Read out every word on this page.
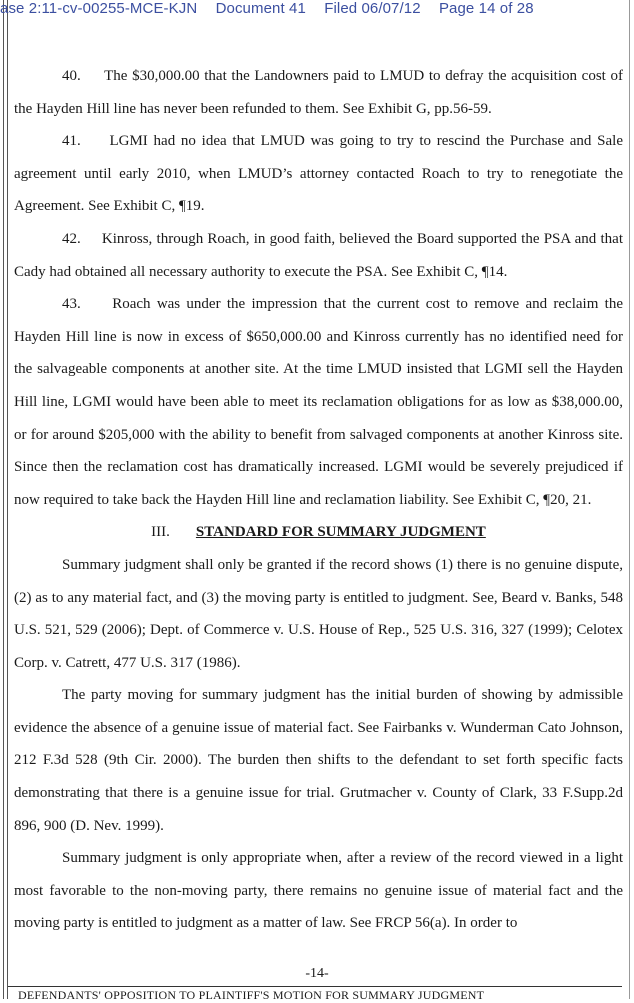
ase 2:11-cv-00255-MCE-KJN Document 41 Filed 06/07/12 Page 14 of 28

40.     The $30,000.00 that the Landowners paid to LMUD to defray the acquisition cost of the Hayden Hill line has never been refunded to them. See Exhibit G, pp.56-59.

41.     LGMI had no idea that LMUD was going to try to rescind the Purchase and Sale agreement until early 2010, when LMUD’s attorney contacted Roach to try to renegotiate the Agreement. See Exhibit C, ¶19.

42.     Kinross, through Roach, in good faith, believed the Board supported the PSA and that Cady had obtained all necessary authority to execute the PSA. See Exhibit C, ¶14.

43.     Roach was under the impression that the current cost to remove and reclaim the Hayden Hill line is now in excess of $650,000.00 and Kinross currently has no identified need for the salvageable components at another site. At the time LMUD insisted that LGMI sell the Hayden Hill line, LGMI would have been able to meet its reclamation obligations for as low as $38,000.00, or for around $205,000 with the ability to benefit from salvaged components at another Kinross site. Since then the reclamation cost has dramatically increased. LGMI would be severely prejudiced if now required to take back the Hayden Hill line and reclamation liability. See Exhibit C, ¶20, 21.

III. STANDARD FOR SUMMARY JUDGMENT

Summary judgment shall only be granted if the record shows (1) there is no genuine dispute, (2) as to any material fact, and (3) the moving party is entitled to judgment. See, Beard v. Banks, 548 U.S. 521, 529 (2006); Dept. of Commerce v. U.S. House of Rep., 525 U.S. 316, 327 (1999); Celotex Corp. v. Catrett, 477 U.S. 317 (1986).

The party moving for summary judgment has the initial burden of showing by admissible evidence the absence of a genuine issue of material fact. See Fairbanks v. Wunderman Cato Johnson, 212 F.3d 528 (9th Cir. 2000). The burden then shifts to the defendant to set forth specific facts demonstrating that there is a genuine issue for trial. Grutmacher v. County of Clark, 33 F.Supp.2d 896, 900 (D. Nev. 1999).

Summary judgment is only appropriate when, after a review of the record viewed in a light most favorable to the non-moving party, there remains no genuine issue of material fact and the moving party is entitled to judgment as a matter of law. See FRCP 56(a). In order to

-14-
DEFENDANTS' OPPOSITION TO PLAINTIFF'S MOTION FOR SUMMARY JUDGMENT
